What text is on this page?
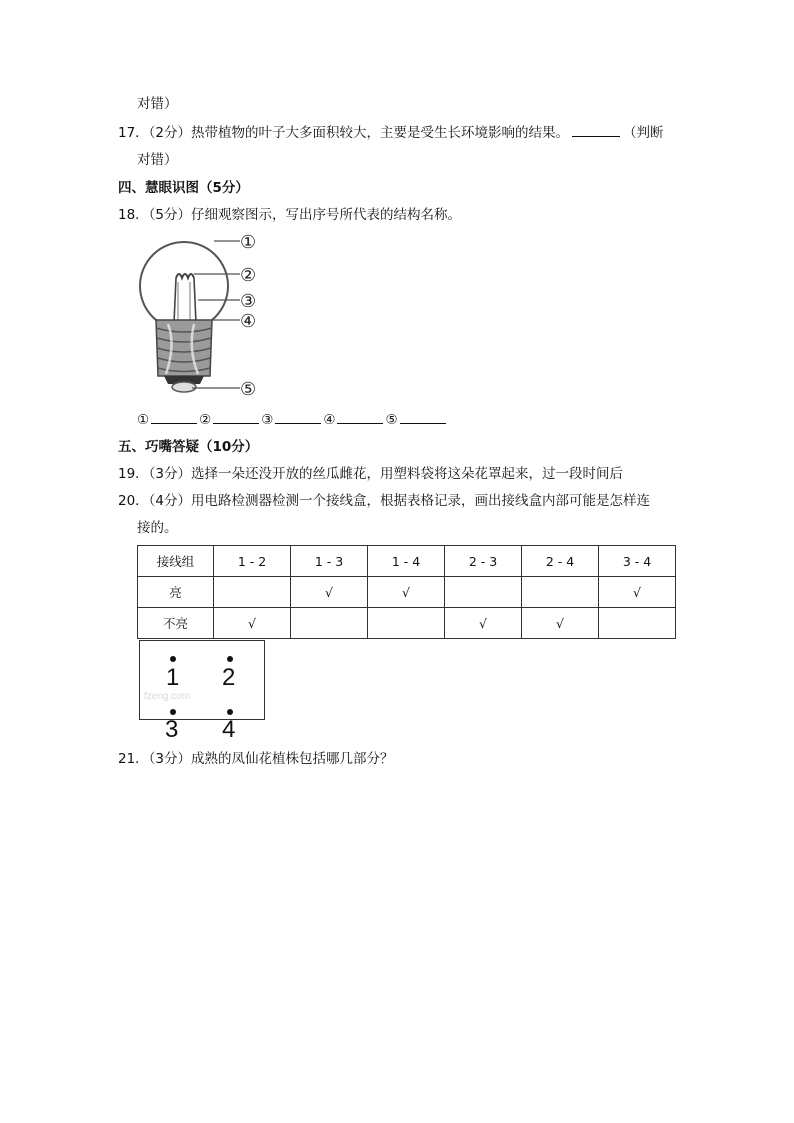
对错）
17．（2分）热带植物的叶子大多面积较大，主要是受生长环境影响的结果。	（判断
对错）
四、慧眼识图（5分）
18．（5分）仔细观察图示，写出序号所代表的结构名称。
①
②
③
④
⑤
①	②	③	④	⑤
五、巧嘴答疑（10分）
19．（3分）选择一朵还没开放的丝瓜雌花，用塑料袋将这朵花罩起来，过一段时间后
20．（4分）用电路检测器检测一个接线盒，根据表格记录，画出接线盒内部可能是怎样连
接的。
接线组	1 - 2	1 - 3	1 - 4	2 - 3	2 - 4	3 - 4
亮		√	√			√
不亮	√			√	√	
1 2
fzeng.com
3 4
21．（3分）成熟的凤仙花植株包括哪几部分？
